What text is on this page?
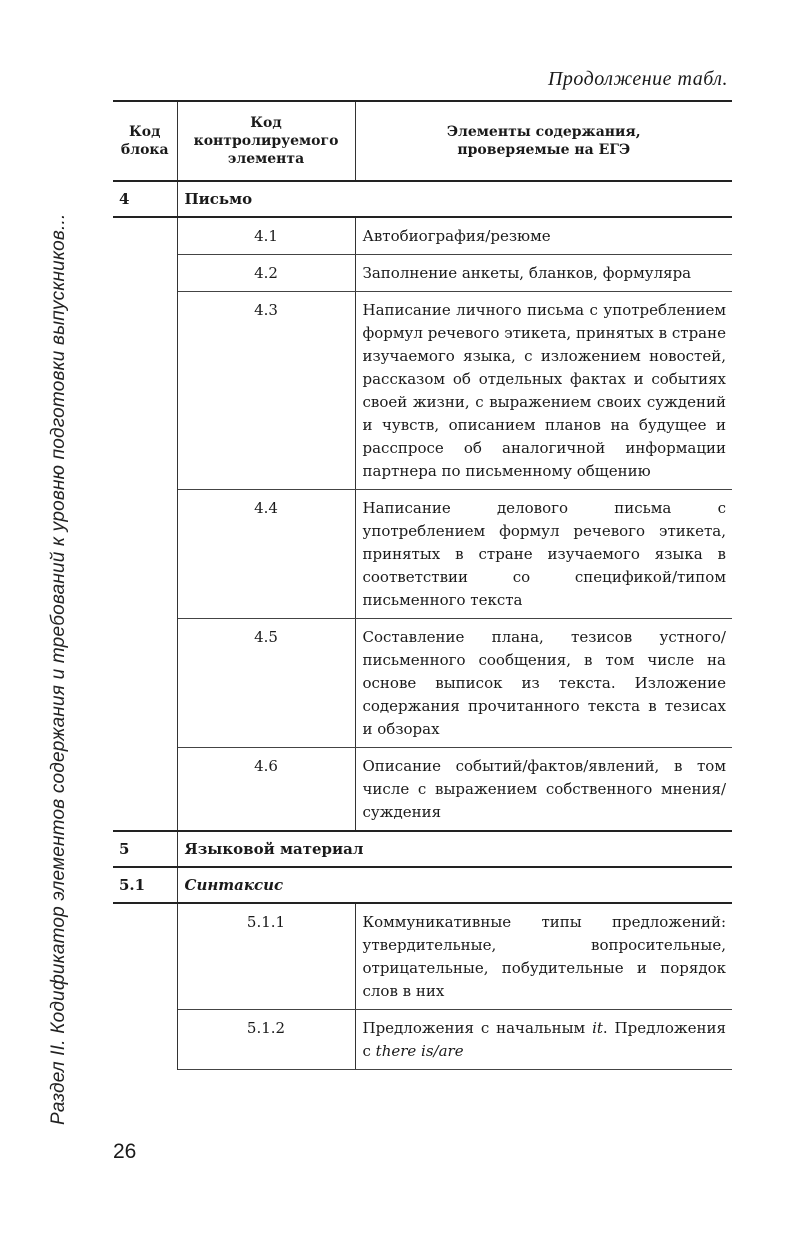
Раздел II. Кодификатор элементов содержания и требований к уровню подготовки выпускников...
Продолжение табл.
Код блока	Код контролируемого элемента	Элементы содержания, проверяемые на ЕГЭ

4	Письмо	
	4.1	Автобиография/резюме
	4.2	Заполнение анкеты, бланков, формуляра
	4.3	Написание личного письма с употреблением формул речевого этикета, принятых в стране изучаемого языка, с изложением новостей, рассказом об отдельных фактах и событиях своей жизни, с выражением своих суждений и чувств, описанием планов на будущее и расспросе об аналогичной информации партнера по письменному общению
	4.4	Написание делового письма с употреблением формул речевого этикета, принятых в стране изучаемого языка в соответствии со спецификой/типом письменного текста
	4.5	Составление плана, тезисов устного/письменного сообщения, в том числе на основе выписок из текста. Изложение содержания прочитанного текста в тезисах и обзорах
	4.6	Описание событий/фактов/явлений, в том числе с выражением собственного мнения/суждения
5	Языковой материал	
5.1	Синтаксис	
	5.1.1	Коммуникативные типы предложений: утвердительные, вопросительные, отрицательные, побудительные и порядок слов в них
	5.1.2	Предложения с начальным it. Предложения с there is/are
26
